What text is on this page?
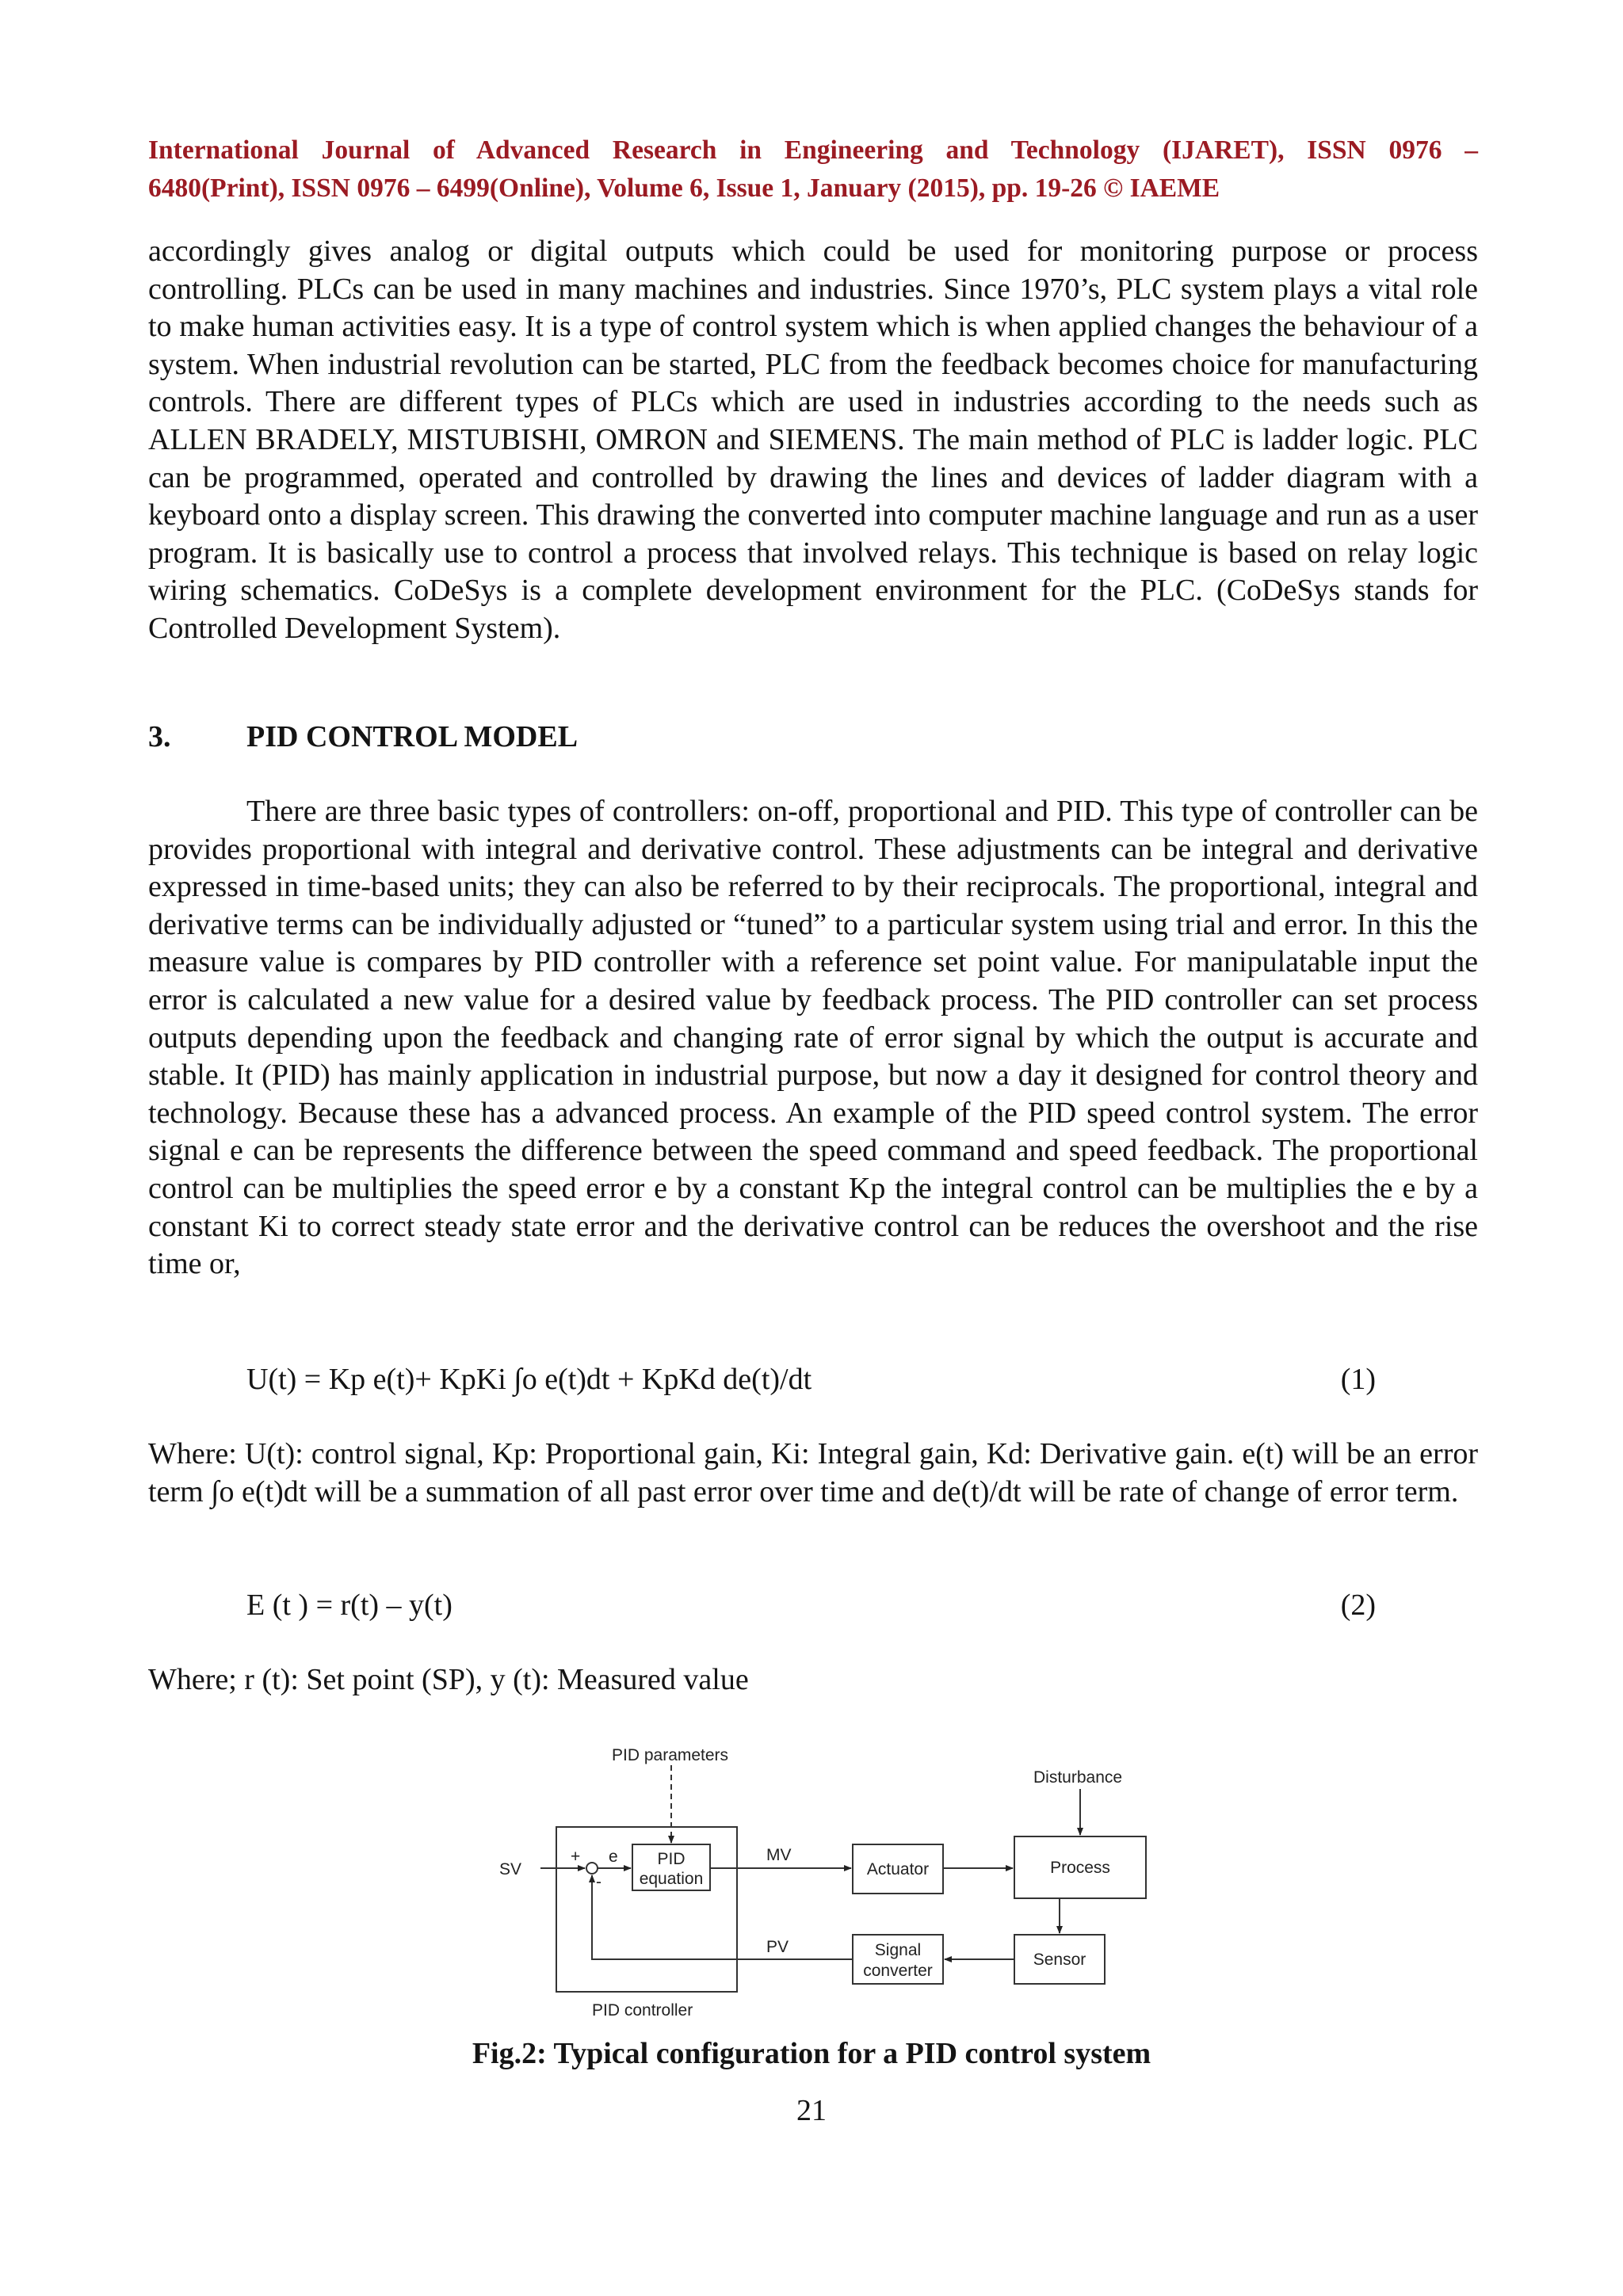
International Journal of Advanced Research in Engineering and Technology (IJARET), ISSN 0976 –
6480(Print), ISSN 0976 – 6499(Online), Volume 6, Issue 1, January (2015), pp. 19-26 © IAEME

accordingly gives analog or digital outputs which could be used for monitoring purpose or process controlling. PLCs can be used in many machines and industries. Since 1970’s, PLC system plays a vital role to make human activities easy. It is a type of control system which is when applied changes the behaviour of a system. When industrial revolution can be started, PLC from the feedback becomes choice for manufacturing controls. There are different types of PLCs which are used in industries according to the needs such as ALLEN BRADELY, MISTUBISHI, OMRON and SIEMENS. The main method of PLC is ladder logic. PLC can be programmed, operated and controlled by drawing the lines and devices of ladder diagram with a keyboard onto a display screen. This drawing the converted into computer machine language and run as a user program. It is basically use to control a process that involved relays. This technique is based on relay logic wiring schematics. CoDeSys is a complete development environment for the PLC. (CoDeSys stands for Controlled Development System).

3.	PID CONTROL MODEL

There are three basic types of controllers: on-off, proportional and PID. This type of controller can be provides proportional with integral and derivative control. These adjustments can be integral and derivative expressed in time-based units; they can also be referred to by their reciprocals. The proportional, integral and derivative terms can be individually adjusted or “tuned” to a particular system using trial and error. In this the measure value is compares by PID controller with a reference set point value. For manipulatable input the error is calculated a new value for a desired value by feedback process. The PID controller can set process outputs depending upon the feedback and changing rate of error signal by which the output is accurate and stable. It (PID) has mainly application in industrial purpose, but now a day it designed for control theory and technology. Because these has a advanced process. An example of the PID speed control system. The error signal e can be represents the difference between the speed command and speed feedback. The proportional control can be multiplies the speed error e by a constant Kp the integral control can be multiplies the e by a constant Ki to correct steady state error and the derivative control can be reduces the overshoot and the rise time or,

U(t) = Kp e(t)+ KpKi ∫o e(t)dt + KpKd de(t)/dt	(1)

Where: U(t): control signal, Kp: Proportional gain, Ki: Integral gain, Kd: Derivative gain. e(t) will be an error term ∫o e(t)dt will be a summation of all past error over time and de(t)/dt will be rate of change of error term.

E (t ) = r(t) – y(t)	(2)

Where; r (t): Set point (SP), y (t): Measured value

PID parameters
Disturbance
SV
+
-
e PID
equation
MV
Actuator	Process
PV	Signal
converter
Sensor
PID controller
Fig.2: Typical configuration for a PID control system
21
